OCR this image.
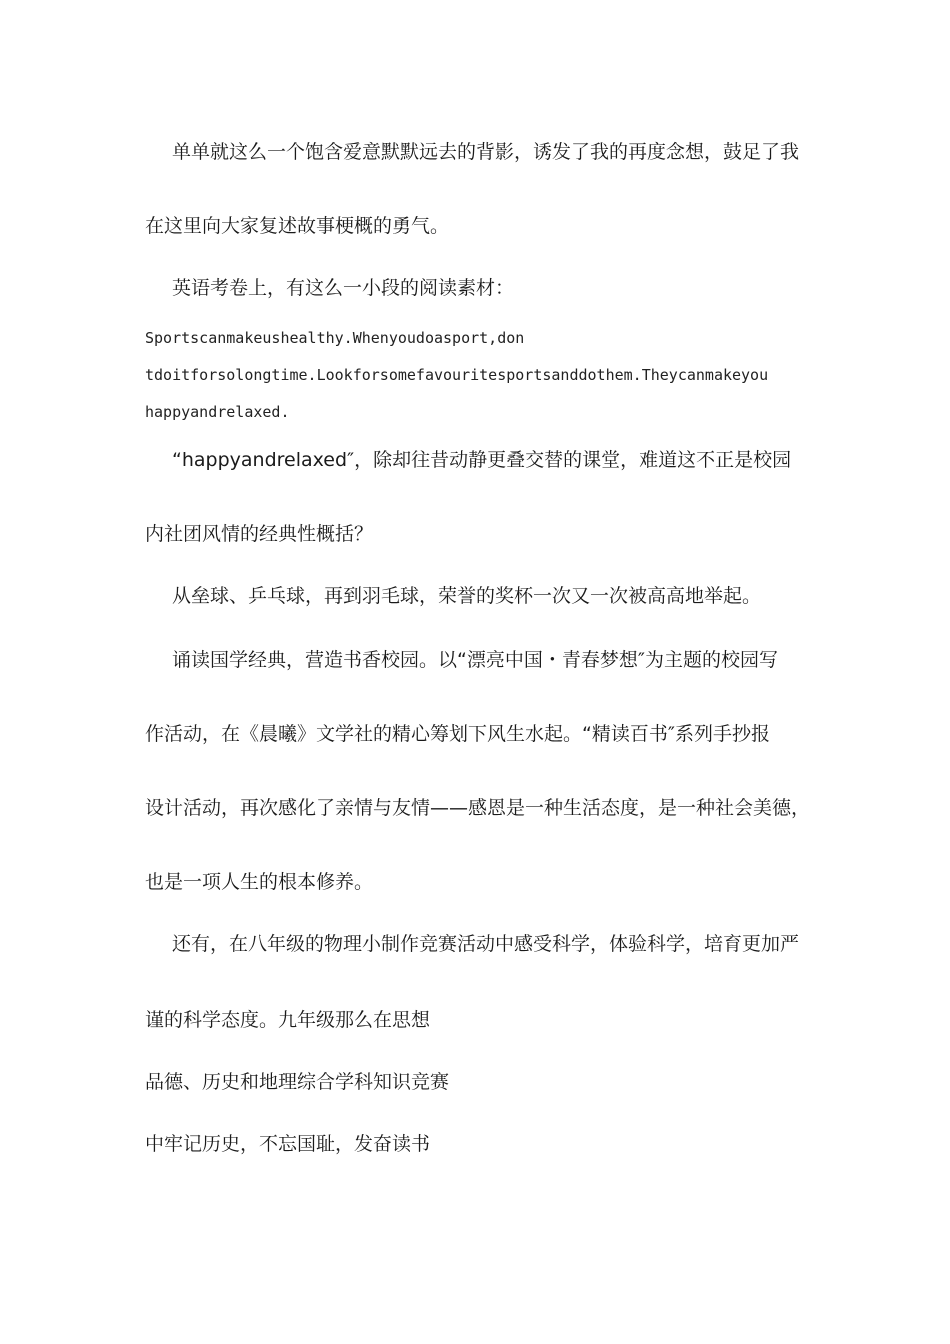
单单就这么一个饱含爱意默默远去的背影，诱发了我的再度念想，鼓足了我

在这里向大家复述故事梗概的勇气。

英语考卷上，有这么一小段的阅读素材：

Sportscanmakeushealthy.Whenyoudoasport,don

tdoitforsolongtime.Lookforsomefavouritesportsanddothem.Theycanmakeyou

happyandrelaxed.

“happyandrelaxed″，除却往昔动静更叠交替的课堂，难道这不正是校园

内社团风情的经典性概括？

从垒球、乒乓球，再到羽毛球，荣誉的奖杯一次又一次被高高地举起。

诵读国学经典，营造书香校园。以“漂亮中国・青春梦想″为主题的校园写

作活动，在《晨曦》文学社的精心筹划下风生水起。“精读百书″系列手抄报

设计活动，再次感化了亲情与友情——感恩是一种生活态度，是一种社会美德，

也是一项人生的根本修养。

还有，在八年级的物理小制作竞赛活动中感受科学，体验科学，培育更加严

谨的科学态度。九年级那么在思想

品德、历史和地理综合学科知识竞赛

中牢记历史，不忘国耻，发奋读书
